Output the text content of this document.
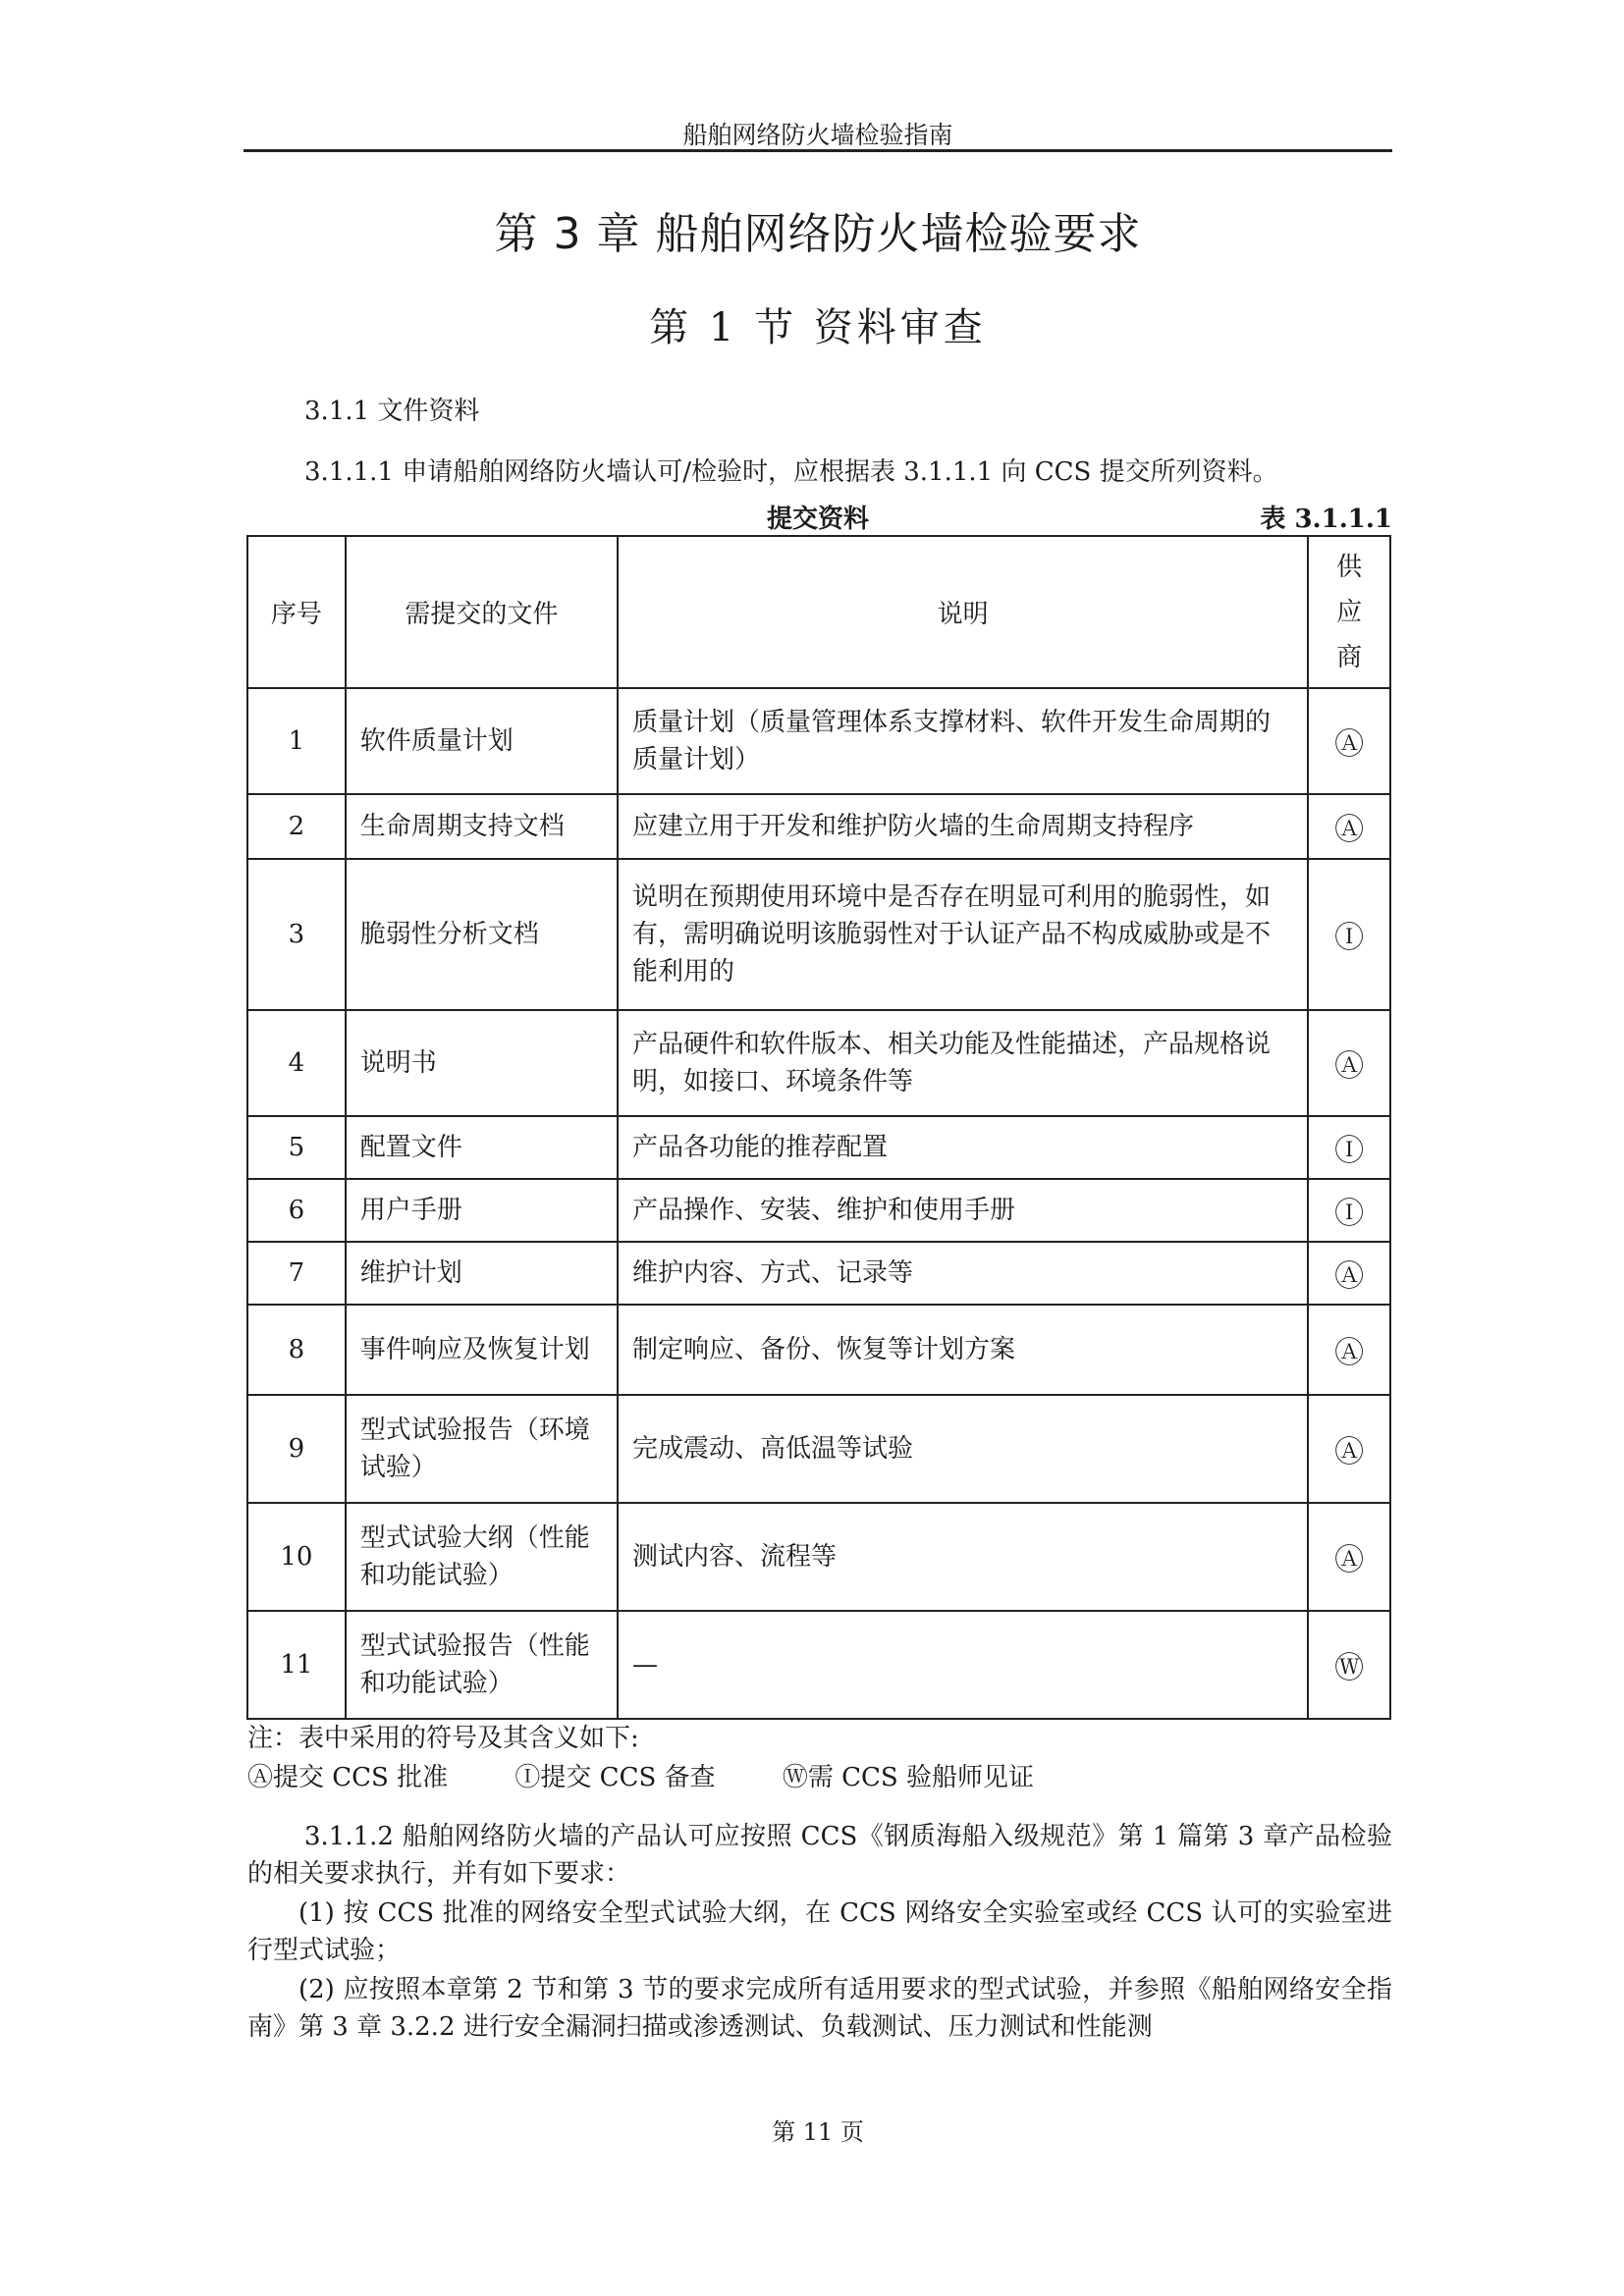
船舶网络防火墙检验指南
第 3 章 船舶网络防火墙检验要求
第 1 节 资料审查
3.1.1 文件资料
3.1.1.1 申请船舶网络防火墙认可/检验时，应根据表 3.1.1.1 向 CCS 提交所列资料。
提交资料	表 3.1.1.1
序号	需提交的文件	说明	供
应
商

1	软件质量计划	质量计划（质量管理体系支撑材料、软件开发生命周期的质量计划）	Ⓐ
2	生命周期支持文档	应建立用于开发和维护防火墙的生命周期支持程序	Ⓐ
3	脆弱性分析文档	说明在预期使用环境中是否存在明显可利用的脆弱性，如有，需明确说明该脆弱性对于认证产品不构成威胁或是不能利用的	Ⓘ
4	说明书	产品硬件和软件版本、相关功能及性能描述，产品规格说明，如接口、环境条件等	Ⓐ
5	配置文件	产品各功能的推荐配置	Ⓘ
6	用户手册	产品操作、安装、维护和使用手册	Ⓘ
7	维护计划	维护内容、方式、记录等	Ⓐ
8	事件响应及恢复计划	制定响应、备份、恢复等计划方案	Ⓐ
9	型式试验报告（环境试验）	完成震动、高低温等试验	Ⓐ
10	型式试验大纲（性能和功能试验）	测试内容、流程等	Ⓐ
11	型式试验报告（性能和功能试验）	—	Ⓦ
注：表中采用的符号及其含义如下:
Ⓐ提交 CCS 批准	Ⓘ提交 CCS 备查	Ⓦ需 CCS 验船师见证
3.1.1.2 船舶网络防火墙的产品认可应按照 CCS《钢质海船入级规范》第 1 篇第 3 章产品检验的相关要求执行，并有如下要求：
(1) 按 CCS 批准的网络安全型式试验大纲，在 CCS 网络安全实验室或经 CCS 认可的实验室进行型式试验；
(2) 应按照本章第 2 节和第 3 节的要求完成所有适用要求的型式试验，并参照《船舶网络安全指南》第 3 章 3.2.2 进行安全漏洞扫描或渗透测试、负载测试、压力测试和性能测
第 11 页
